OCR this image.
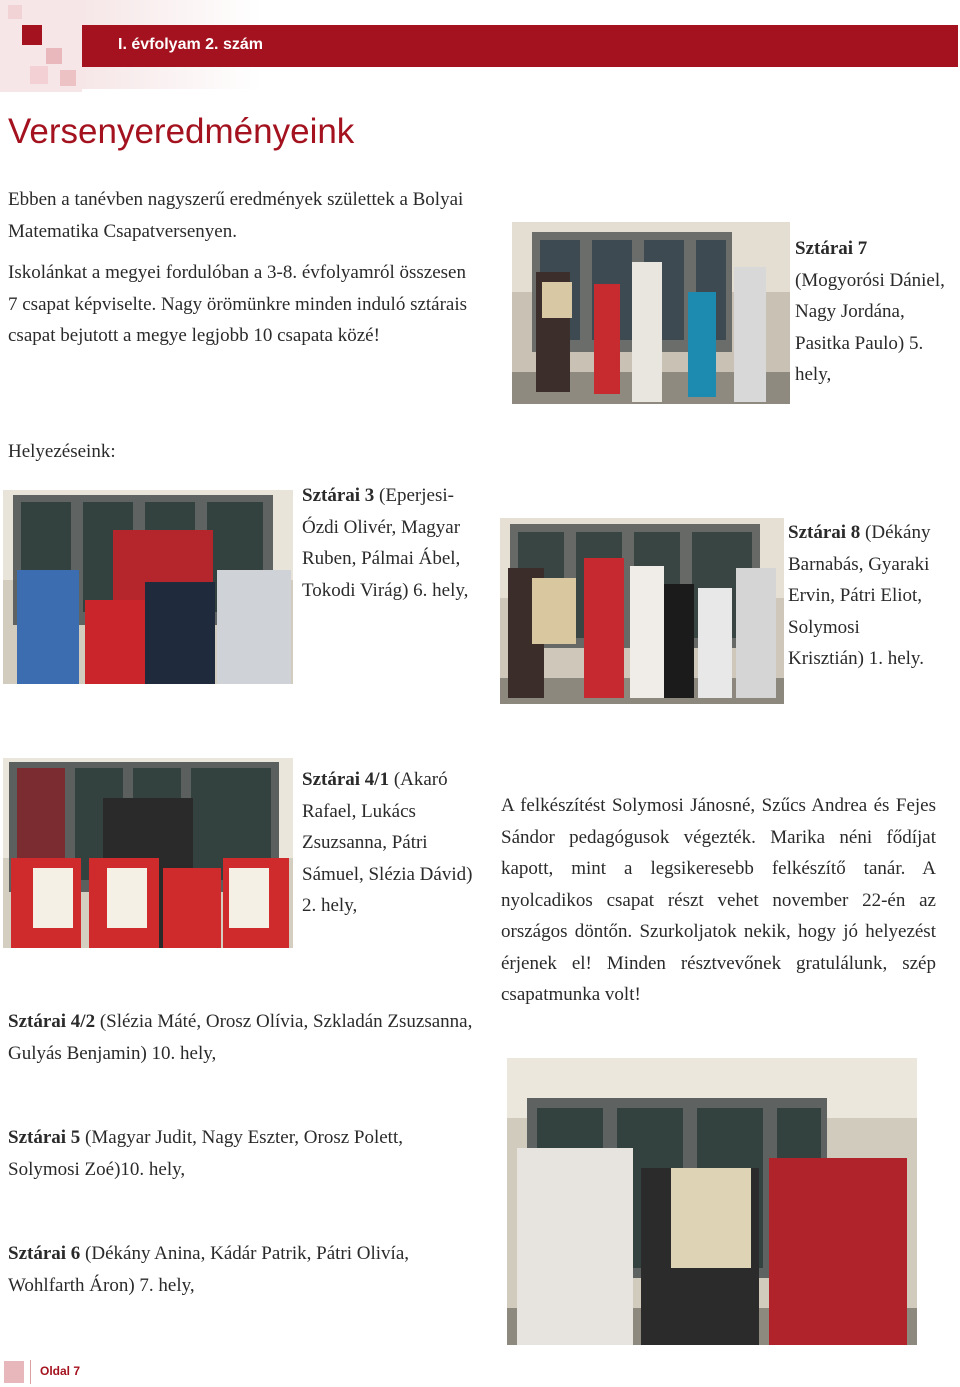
I. évfolyam 2. szám
Versenyeredményeink
Ebben a tanévben nagyszerű eredmények születtek a Bolyai Matematika Csapatversenyen.
Iskolánkat a megyei fordulóban a 3-8. évfolyamról összesen 7 csapat képviselte. Nagy örömünkre minden induló sztárais csapat bejutott a megye legjobb 10 csapata közé!
Helyezéseink:
Sztárai 7 (Mogyorósi Dániel, Nagy Jordána, Pasitka Paulo) 5. hely,
Sztárai 3 (Eperjesi-Ózdi Olivér, Magyar Ruben, Pálmai Ábel, Tokodi Virág) 6. hely,
Sztárai 8 (Dékány Barnabás, Gyaraki Ervin, Pátri Eliot, Solymosi Krisztián) 1. hely.
Sztárai 4/1 (Akaró Rafael, Lukács Zsuzsanna, Pátri Sámuel, Slézia Dávid) 2. hely,
Sztárai 4/2 (Slézia Máté, Orosz Olívia, Szkladán Zsuzsanna, Gulyás Benjamin) 10. hely,
A felkészítést Solymosi Jánosné, Szűcs Andrea és Fejes Sándor pedagógusok végezték. Marika néni fődíjat kapott, mint a legsikeresebb felkészítő tanár. A nyolcadikos csapat részt vehet november 22-én az országos döntőn. Szurkoljatok nekik, hogy jó helyezést érjenek el! Minden résztvevőnek gratulálunk, szép csapatmunka volt!
Sztárai 5 (Magyar Judit, Nagy Eszter, Orosz Polett, Solymosi Zoé)10. hely,
Sztárai 6 (Dékány Anina, Kádár Patrik, Pátri Olivía, Wohlfarth Áron) 7. hely,
Oldal 7
